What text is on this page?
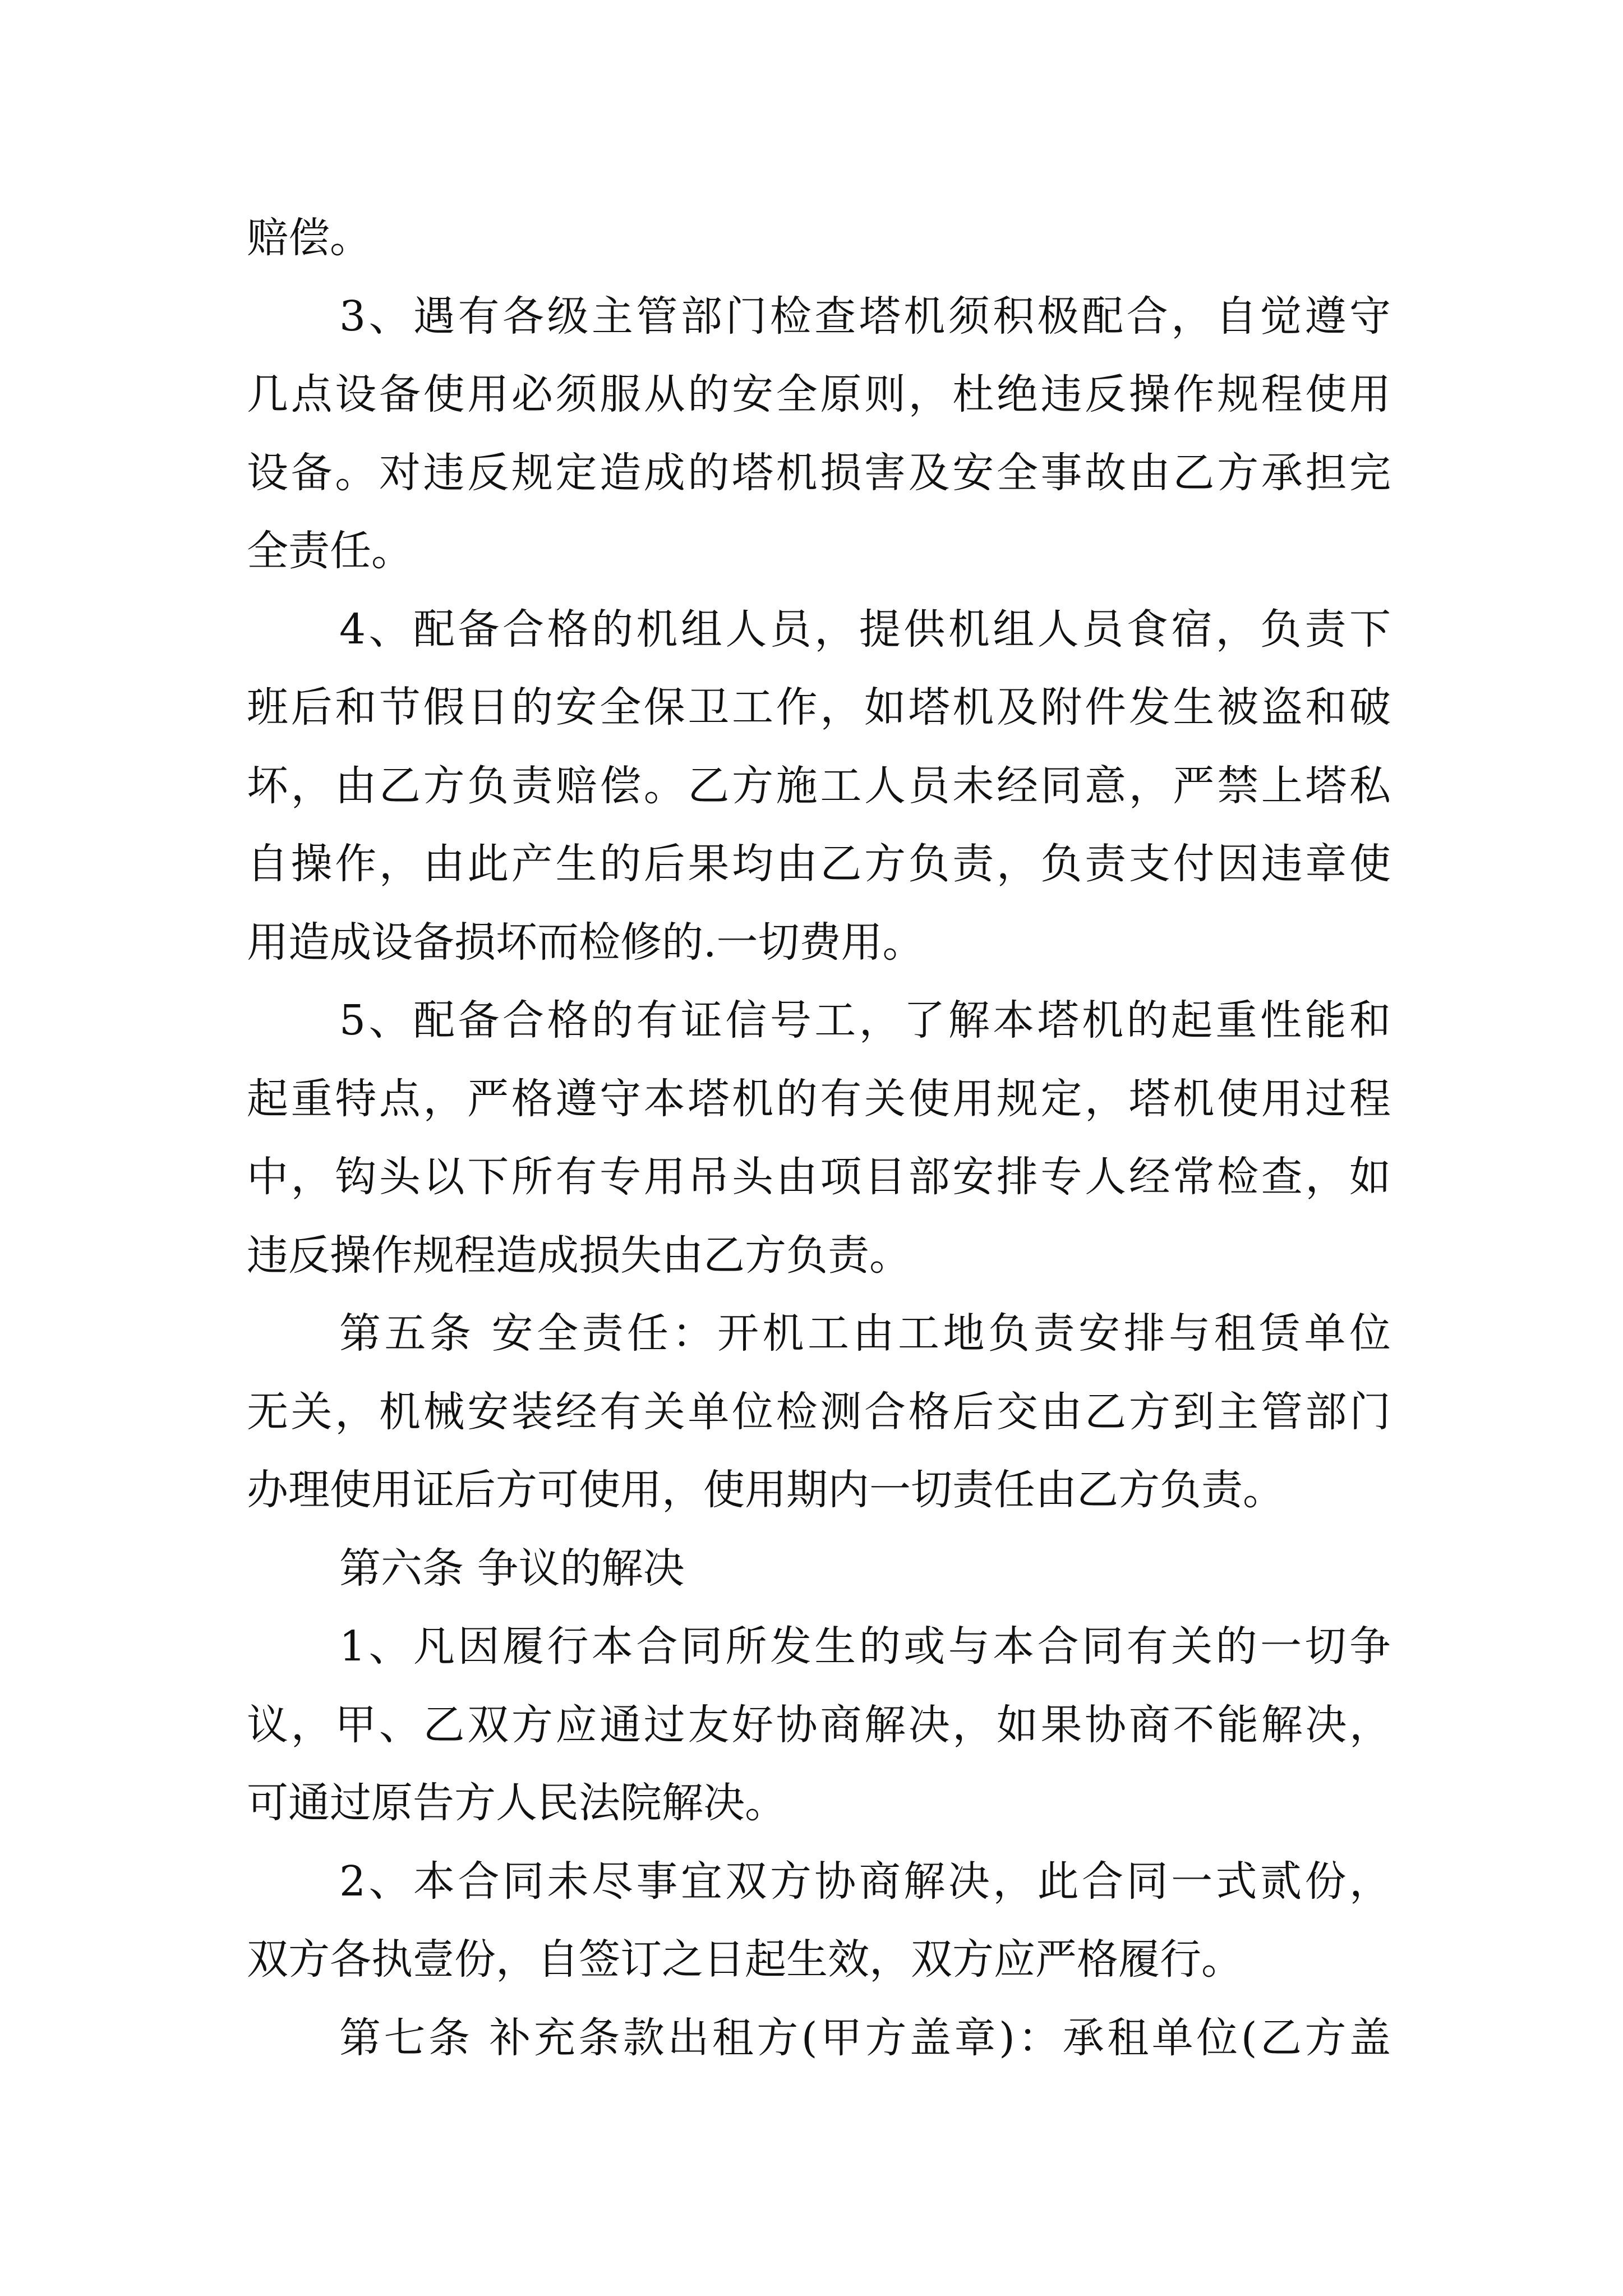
赔偿。
3、遇有各级主管部门检查塔机须积极配合，自觉遵守
几点设备使用必须服从的安全原则，杜绝违反操作规程使用
设备。对违反规定造成的塔机损害及安全事故由乙方承担完
全责任。
4、配备合格的机组人员，提供机组人员食宿，负责下
班后和节假日的安全保卫工作，如塔机及附件发生被盗和破
坏，由乙方负责赔偿。乙方施工人员未经同意，严禁上塔私
自操作，由此产生的后果均由乙方负责，负责支付因违章使
用造成设备损坏而检修的.一切费用。
5、配备合格的有证信号工，了解本塔机的起重性能和
起重特点，严格遵守本塔机的有关使用规定，塔机使用过程
中，钩头以下所有专用吊头由项目部安排专人经常检查，如
违反操作规程造成损失由乙方负责。
第五条 安全责任：开机工由工地负责安排与租赁单位
无关，机械安装经有关单位检测合格后交由乙方到主管部门
办理使用证后方可使用，使用期内一切责任由乙方负责。
第六条 争议的解决
1、凡因履行本合同所发生的或与本合同有关的一切争
议，甲、乙双方应通过友好协商解决，如果协商不能解决，
可通过原告方人民法院解决。
2、本合同未尽事宜双方协商解决，此合同一式贰份，
双方各执壹份，自签订之日起生效，双方应严格履行。
第七条 补充条款出租方(甲方盖章)：承租单位(乙方盖
